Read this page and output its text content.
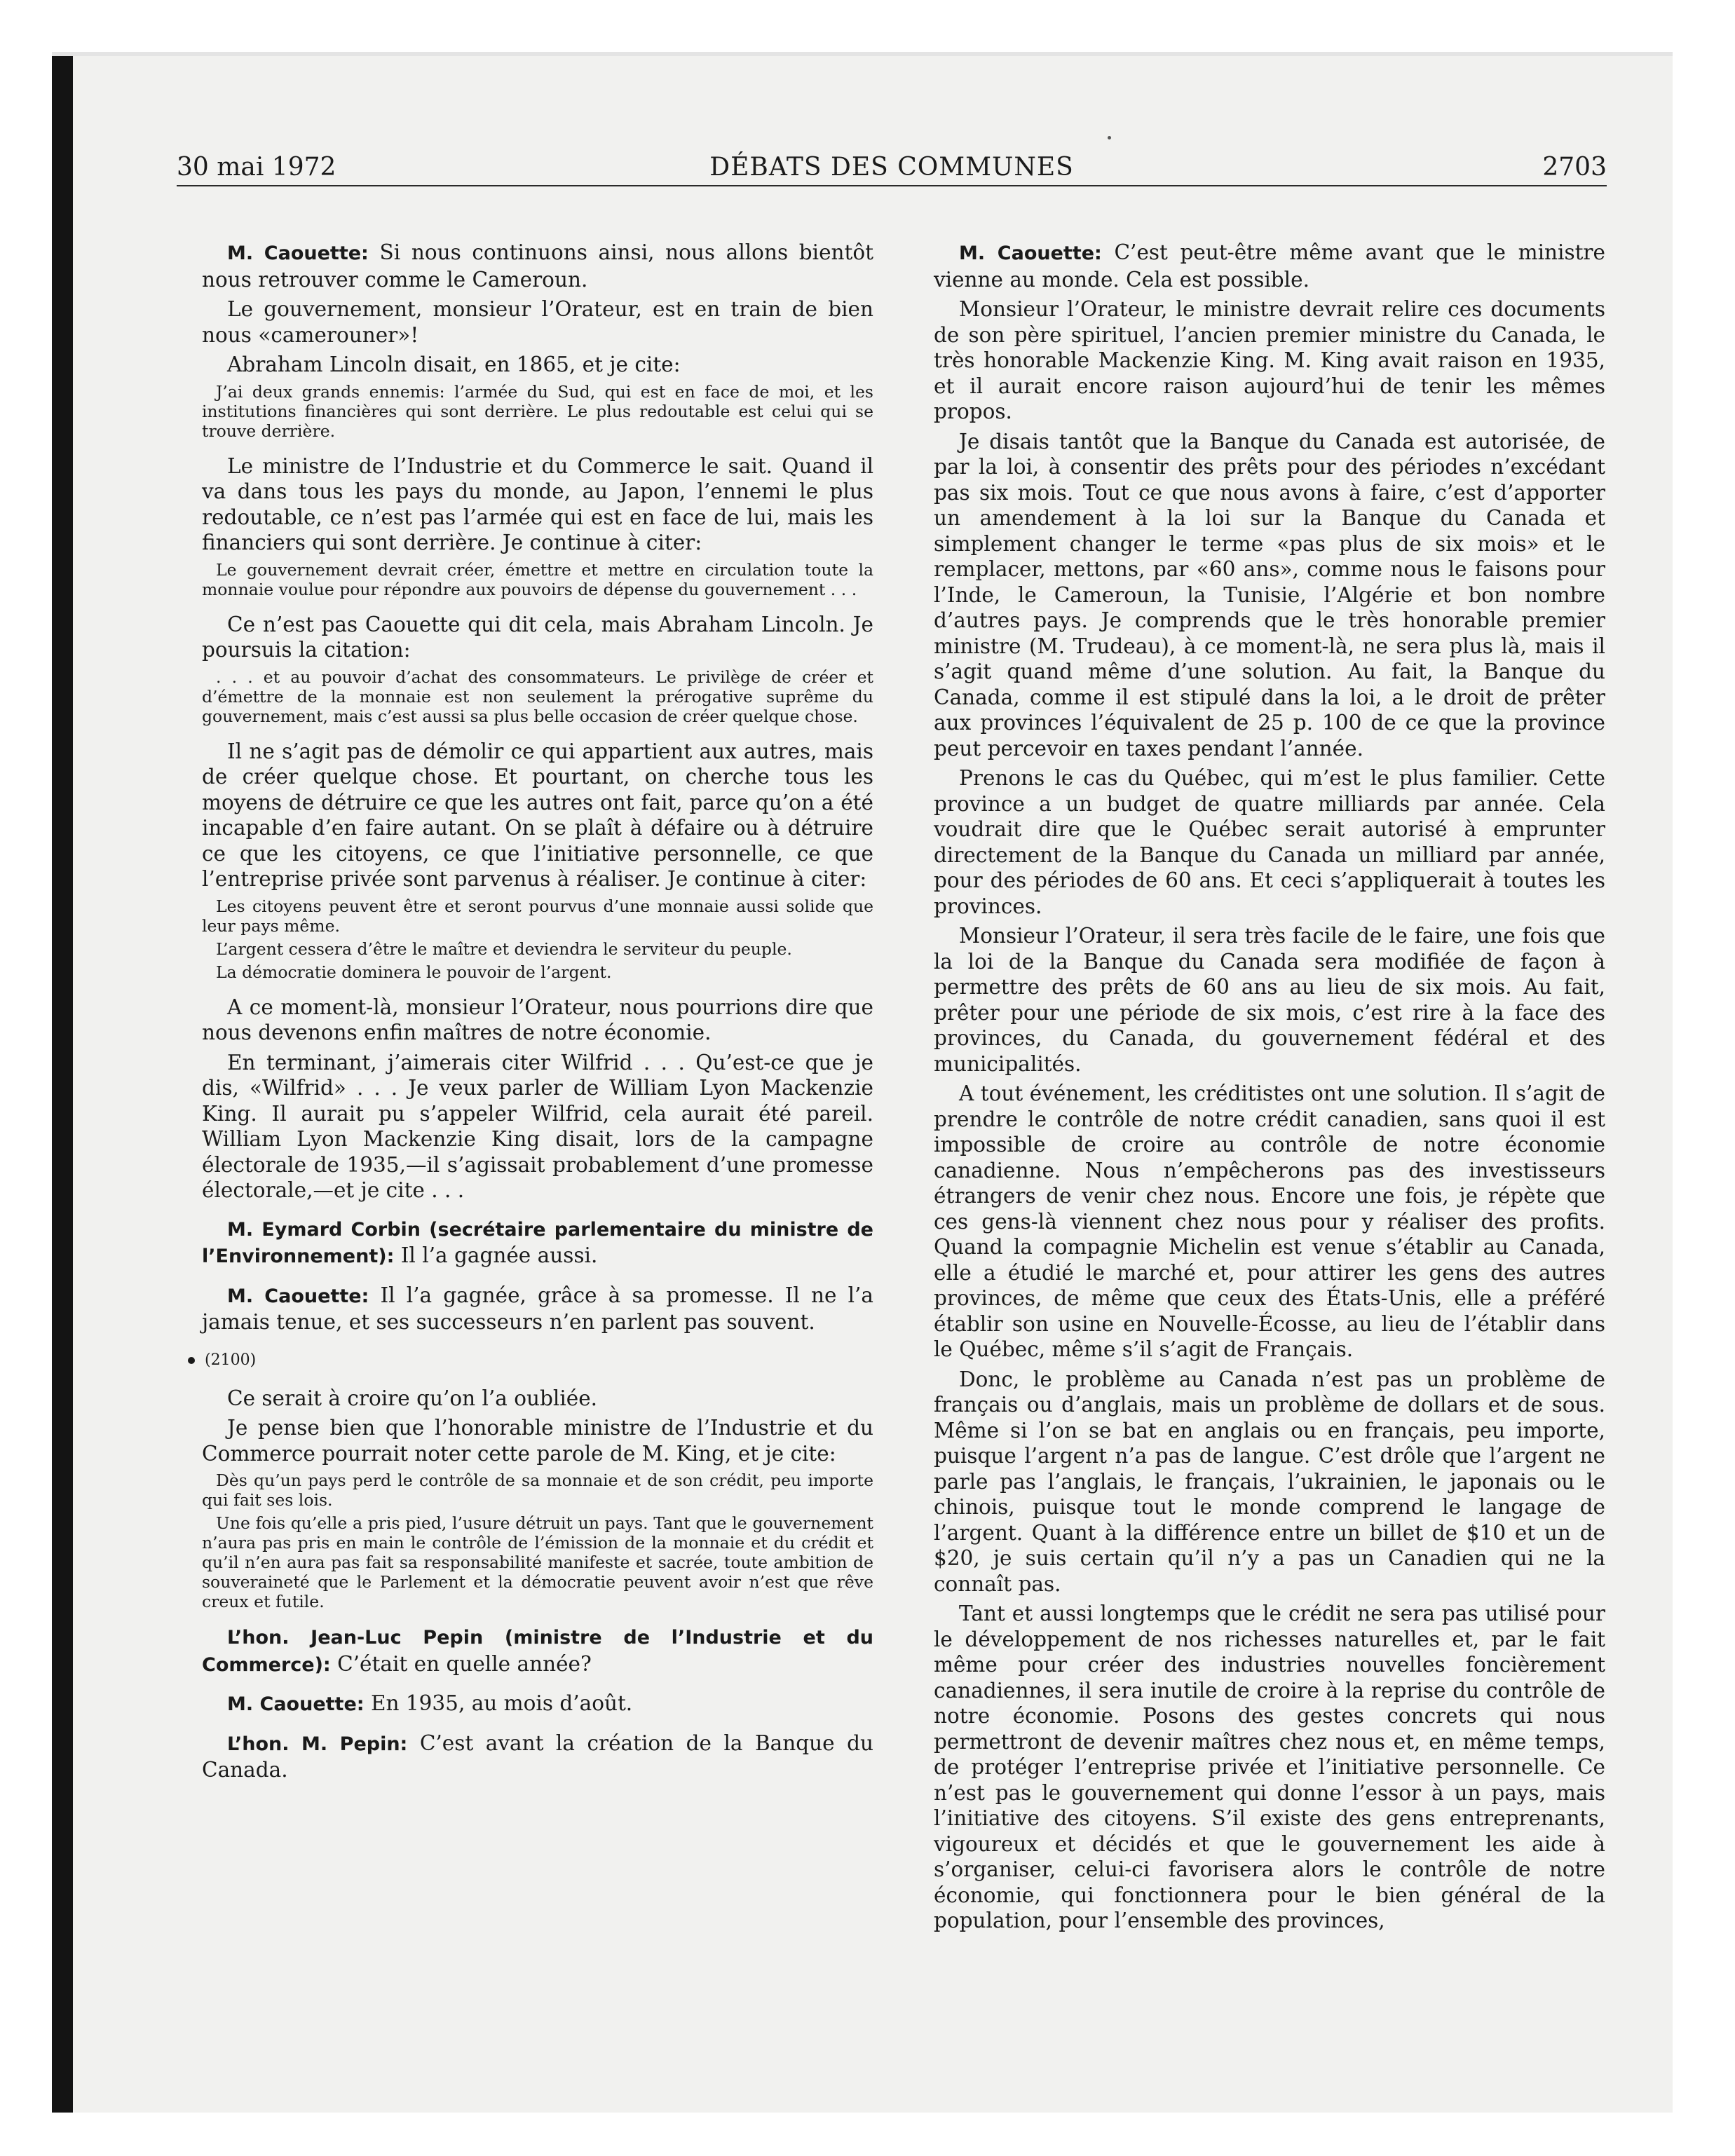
DÉBATS DES COMMUNES
30 mai 1972	2703

M. Caouette: Si nous continuons ainsi, nous allons bientôt nous retrouver comme le Cameroun.

Le gouvernement, monsieur l’Orateur, est en train de bien nous «camerouner»!

Abraham Lincoln disait, en 1865, et je cite:

J’ai deux grands ennemis: l’armée du Sud, qui est en face de moi, et les institutions financières qui sont derrière. Le plus redoutable est celui qui se trouve derrière.

Le ministre de l’Industrie et du Commerce le sait. Quand il va dans tous les pays du monde, au Japon, l’ennemi le plus redoutable, ce n’est pas l’armée qui est en face de lui, mais les financiers qui sont derrière. Je continue à citer:

Le gouvernement devrait créer, émettre et mettre en circulation toute la monnaie voulue pour répondre aux pouvoirs de dépense du gouvernement . . .

Ce n’est pas Caouette qui dit cela, mais Abraham Lincoln. Je poursuis la citation:

. . . et au pouvoir d’achat des consommateurs. Le privilège de créer et d’émettre de la monnaie est non seulement la prérogative suprême du gouvernement, mais c’est aussi sa plus belle occasion de créer quelque chose.

Il ne s’agit pas de démolir ce qui appartient aux autres, mais de créer quelque chose. Et pourtant, on cherche tous les moyens de détruire ce que les autres ont fait, parce qu’on a été incapable d’en faire autant. On se plaît à défaire ou à détruire ce que les citoyens, ce que l’initiative personnelle, ce que l’entreprise privée sont parvenus à réaliser. Je continue à citer:

Les citoyens peuvent être et seront pourvus d’une monnaie aussi solide que leur pays même.

L’argent cessera d’être le maître et deviendra le serviteur du peuple.

La démocratie dominera le pouvoir de l’argent.

A ce moment-là, monsieur l’Orateur, nous pourrions dire que nous devenons enfin maîtres de notre économie.

En terminant, j’aimerais citer Wilfrid . . . Qu’est-ce que je dis, «Wilfrid» . . . Je veux parler de William Lyon Mackenzie King. Il aurait pu s’appeler Wilfrid, cela aurait été pareil. William Lyon Mackenzie King disait, lors de la campagne électorale de 1935,—il s’agissait probablement d’une promesse électorale,—et je cite . . .

M. Eymard Corbin (secrétaire parlementaire du ministre de l’Environnement): Il l’a gagnée aussi.

M. Caouette: Il l’a gagnée, grâce à sa promesse. Il ne l’a jamais tenue, et ses successeurs n’en parlent pas souvent.

(2100)

Ce serait à croire qu’on l’a oubliée.

Je pense bien que l’honorable ministre de l’Industrie et du Commerce pourrait noter cette parole de M. King, et je cite:

Dès qu’un pays perd le contrôle de sa monnaie et de son crédit, peu importe qui fait ses lois.

Une fois qu’elle a pris pied, l’usure détruit un pays. Tant que le gouvernement n’aura pas pris en main le contrôle de l’émission de la monnaie et du crédit et qu’il n’en aura pas fait sa responsabilité manifeste et sacrée, toute ambition de souveraineté que le Parlement et la démocratie peuvent avoir n’est que rêve creux et futile.

L’hon. Jean-Luc Pepin (ministre de l’Industrie et du Commerce): C’était en quelle année?

M. Caouette: En 1935, au mois d’août.

L’hon. M. Pepin: C’est avant la création de la Banque du Canada.

M. Caouette: C’est peut-être même avant que le ministre vienne au monde. Cela est possible.

Monsieur l’Orateur, le ministre devrait relire ces documents de son père spirituel, l’ancien premier ministre du Canada, le très honorable Mackenzie King. M. King avait raison en 1935, et il aurait encore raison aujourd’hui de tenir les mêmes propos.

Je disais tantôt que la Banque du Canada est autorisée, de par la loi, à consentir des prêts pour des périodes n’excédant pas six mois. Tout ce que nous avons à faire, c’est d’apporter un amendement à la loi sur la Banque du Canada et simplement changer le terme «pas plus de six mois» et le remplacer, mettons, par «60 ans», comme nous le faisons pour l’Inde, le Cameroun, la Tunisie, l’Algérie et bon nombre d’autres pays. Je comprends que le très honorable premier ministre (M. Trudeau), à ce moment-là, ne sera plus là, mais il s’agit quand même d’une solution. Au fait, la Banque du Canada, comme il est stipulé dans la loi, a le droit de prêter aux provinces l’équivalent de 25 p. 100 de ce que la province peut percevoir en taxes pendant l’année.

Prenons le cas du Québec, qui m’est le plus familier. Cette province a un budget de quatre milliards par année. Cela voudrait dire que le Québec serait autorisé à emprunter directement de la Banque du Canada un milliard par année, pour des périodes de 60 ans. Et ceci s’appliquerait à toutes les provinces.

Monsieur l’Orateur, il sera très facile de le faire, une fois que la loi de la Banque du Canada sera modifiée de façon à permettre des prêts de 60 ans au lieu de six mois. Au fait, prêter pour une période de six mois, c’est rire à la face des provinces, du Canada, du gouvernement fédéral et des municipalités.

A tout événement, les créditistes ont une solution. Il s’agit de prendre le contrôle de notre crédit canadien, sans quoi il est impossible de croire au contrôle de notre économie canadienne. Nous n’empêcherons pas des investisseurs étrangers de venir chez nous. Encore une fois, je répète que ces gens-là viennent chez nous pour y réaliser des profits. Quand la compagnie Michelin est venue s’établir au Canada, elle a étudié le marché et, pour attirer les gens des autres provinces, de même que ceux des États-Unis, elle a préféré établir son usine en Nouvelle-Écosse, au lieu de l’établir dans le Québec, même s’il s’agit de Français.

Donc, le problème au Canada n’est pas un problème de français ou d’anglais, mais un problème de dollars et de sous. Même si l’on se bat en anglais ou en français, peu importe, puisque l’argent n’a pas de langue. C’est drôle que l’argent ne parle pas l’anglais, le français, l’ukrainien, le japonais ou le chinois, puisque tout le monde comprend le langage de l’argent. Quant à la différence entre un billet de $10 et un de $20, je suis certain qu’il n’y a pas un Canadien qui ne la connaît pas.

Tant et aussi longtemps que le crédit ne sera pas utilisé pour le développement de nos richesses naturelles et, par le fait même pour créer des industries nouvelles foncièrement canadiennes, il sera inutile de croire à la reprise du contrôle de notre économie. Posons des gestes concrets qui nous permettront de devenir maîtres chez nous et, en même temps, de protéger l’entreprise privée et l’initiative personnelle. Ce n’est pas le gouvernement qui donne l’essor à un pays, mais l’initiative des citoyens. S’il existe des gens entreprenants, vigoureux et décidés et que le gouvernement les aide à s’organiser, celui-ci favorisera alors le contrôle de notre économie, qui fonctionnera pour le bien général de la population, pour l’ensemble des provinces,
